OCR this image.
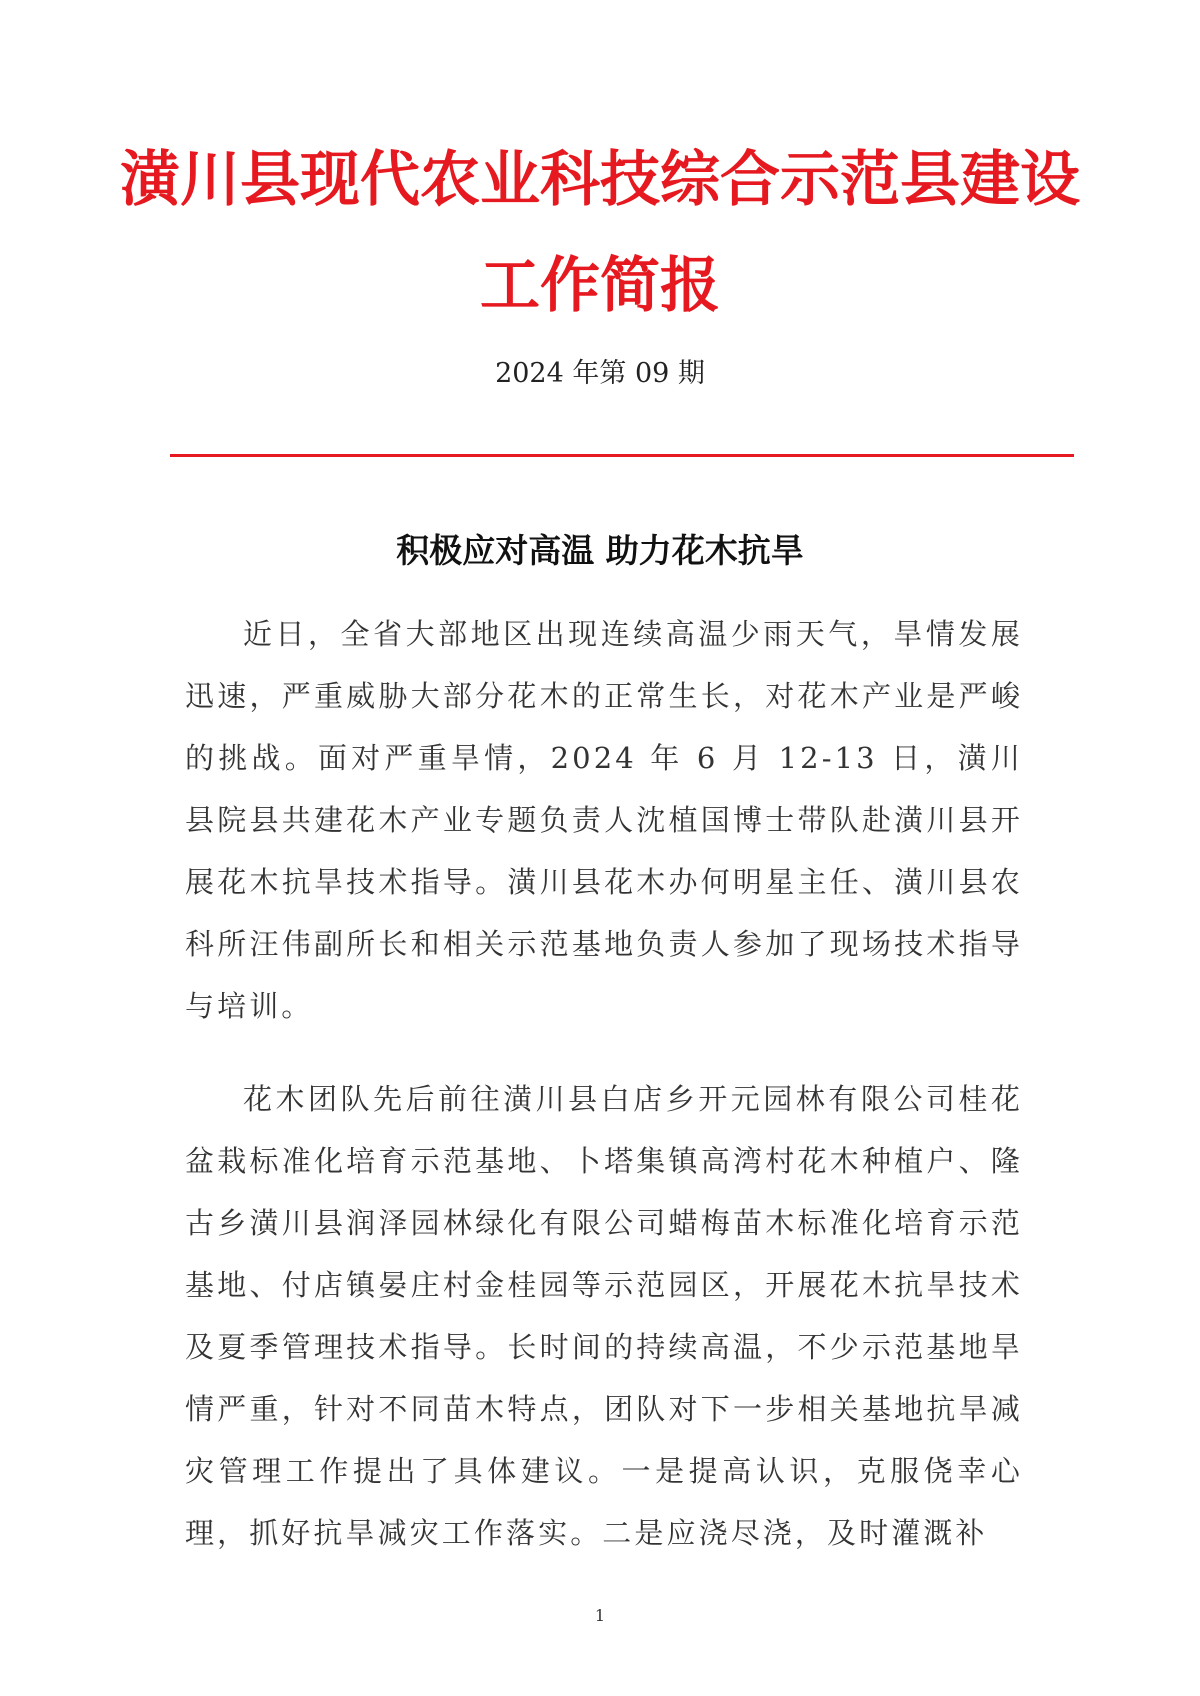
潢川县现代农业科技综合示范县建设
工作简报
2024 年第 09 期
积极应对高温 助力花木抗旱

近日，全省大部地区出现连续高温少雨天气，旱情发展迅速，严重威胁大部分花木的正常生长，对花木产业是严峻的挑战。面对严重旱情，2024 年 6 月 12-13 日，潢川县院县共建花木产业专题负责人沈植国博士带队赴潢川县开展花木抗旱技术指导。潢川县花木办何明星主任、潢川县农科所汪伟副所长和相关示范基地负责人参加了现场技术指导与培训。

花木团队先后前往潢川县白店乡开元园林有限公司桂花盆栽标准化培育示范基地、卜塔集镇高湾村花木种植户、隆古乡潢川县润泽园林绿化有限公司蜡梅苗木标准化培育示范基地、付店镇晏庄村金桂园等示范园区，开展花木抗旱技术及夏季管理技术指导。长时间的持续高温，不少示范基地旱情严重，针对不同苗木特点，团队对下一步相关基地抗旱减灾管理工作提出了具体建议。一是提高认识，克服侥幸心理，抓好抗旱减灾工作落实。二是应浇尽浇，及时灌溉补

1
